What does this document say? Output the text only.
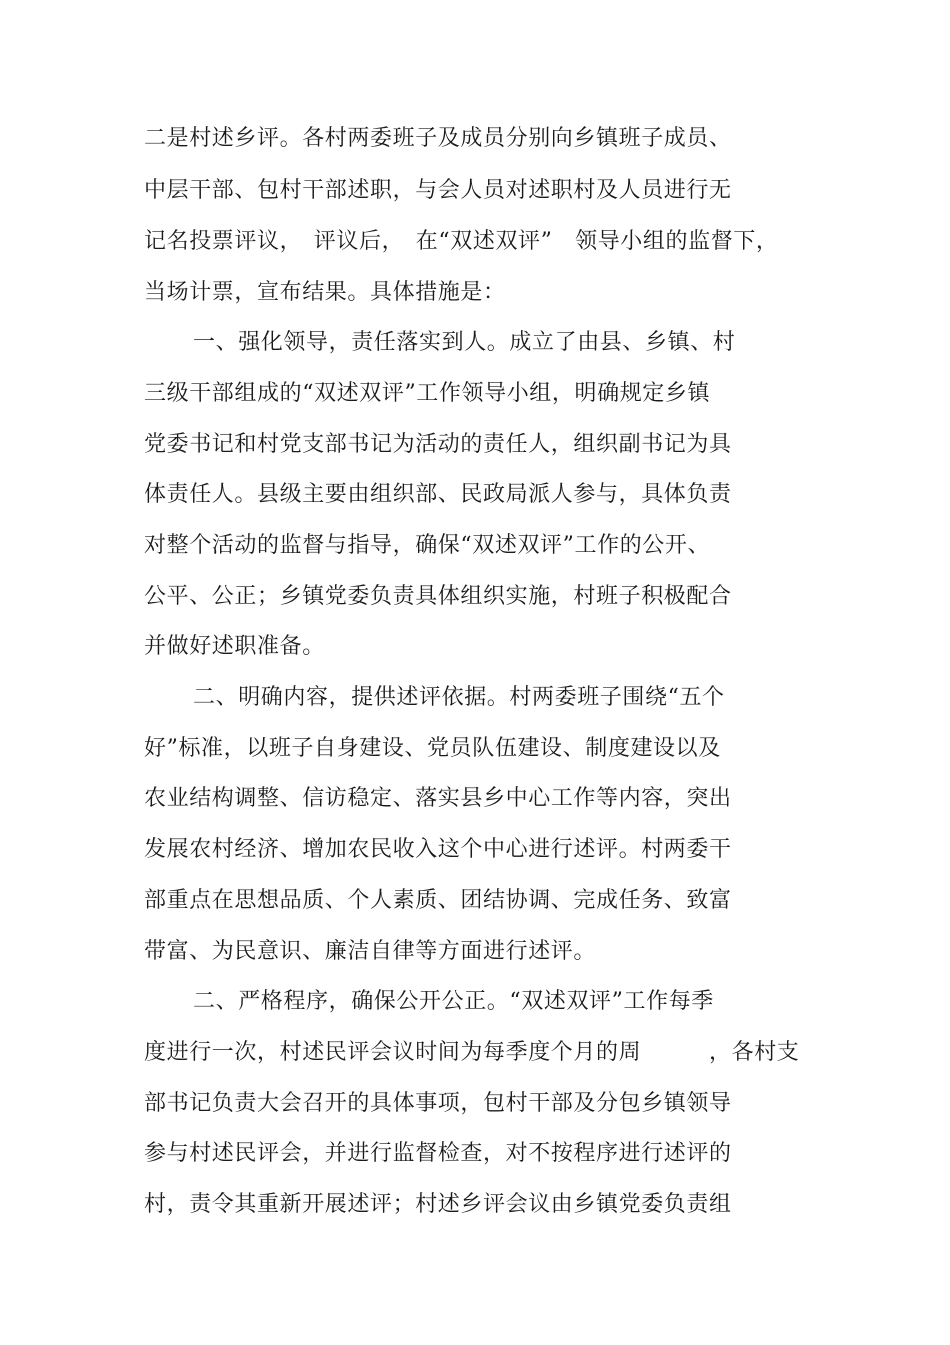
二是村述乡评。各村两委班子及成员分别向乡镇班子成员、
中层干部、包村干部述职，与会人员对述职村及人员进行无
记名投票评议，　评议后，　在“双述双评”　领导小组的监督下，
当场计票，宣布结果。具体措施是：
一、强化领导，责任落实到人。成立了由县、乡镇、村
三级干部组成的“双述双评”工作领导小组，明确规定乡镇
党委书记和村党支部书记为活动的责任人，组织副书记为具
体责任人。县级主要由组织部、民政局派人参与，具体负责
对整个活动的监督与指导，确保“双述双评”工作的公开、
公平、公正；乡镇党委负责具体组织实施，村班子积极配合
并做好述职准备。
二、明确内容，提供述评依据。村两委班子围绕“五个
好”标准，以班子自身建设、党员队伍建设、制度建设以及
农业结构调整、信访稳定、落实县乡中心工作等内容，突出
发展农村经济、增加农民收入这个中心进行述评。村两委干
部重点在思想品质、个人素质、团结协调、完成任务、致富
带富、为民意识、廉洁自律等方面进行述评。
二、严格程序，确保公开公正。“双述双评”工作每季
度进行一次，村述民评会议时间为每季度个月的周　　　，各村支
部书记负责大会召开的具体事项，包村干部及分包乡镇领导
参与村述民评会，并进行监督检查，对不按程序进行述评的
村，责令其重新开展述评；村述乡评会议由乡镇党委负责组
